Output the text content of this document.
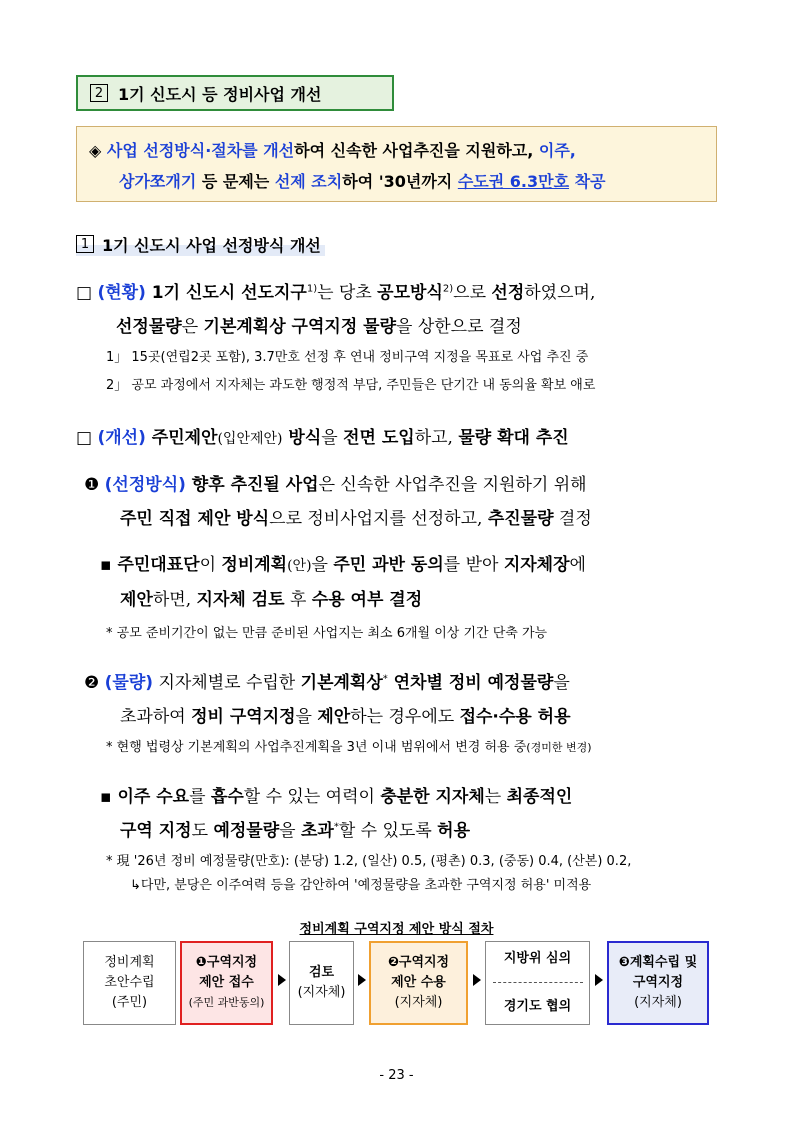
2 1기 신도시 등 정비사업 개선
◈ 사업 선정방식·절차를 개선하여 신속한 사업추진을 지원하고, 이주,
상가쪼개기 등 문제는 선제 조치하여 '30년까지 수도권 6.3만호 착공
1 1기 신도시 사업 선정방식 개선
□ (현황) 1기 신도시 선도지구$^{1)}$는 당초 공모방식$^{2)}$으로 선정하였으며,
선정물량은 기본계획상 구역지정 물량을 상한으로 결정
1」 15곳(연립2곳 포함), 3.7만호 선정 후 연내 정비구역 지정을 목표로 사업 추진 중
2」 공모 과정에서 지자체는 과도한 행정적 부담, 주민들은 단기간 내 동의율 확보 애로
□ (개선) 주민제안(입안제안) 방식을 전면 도입하고, 물량 확대 추진
❶ (선정방식) 향후 추진될 사업은 신속한 사업추진을 지원하기 위해
주민 직접 제안 방식으로 정비사업지를 선정하고, 추진물량 결정
▪ 주민대표단이 정비계획(안)을 주민 과반 동의를 받아 지자체장에
제안하면, 지자체 검토 후 수용 여부 결정
* 공모 준비기간이 없는 만큼 준비된 사업지는 최소 6개월 이상 기간 단축 가능
❷ (물량) 지자체별로 수립한 기본계획상* 연차별 정비 예정물량을
초과하여 정비 구역지정을 제안하는 경우에도 접수·수용 허용
* 현행 법령상 기본계획의 사업추진계획을 3년 이내 범위에서 변경 허용 중(경미한 변경)
▪ 이주 수요를 흡수할 수 있는 여력이 충분한 지자체는 최종적인
구역 지정도 예정물량을 초과*할 수 있도록 허용
* 現 '26년 정비 예정물량(만호): (분당) 1.2, (일산) 0.5, (평촌) 0.3, (중동) 0.4, (산본) 0.2,
↳다만, 분당은 이주여력 등을 감안하여 '예정물량을 초과한 구역지정 허용' 미적용
정비계획 구역지정 제안 방식 절차
정비계획
초안수립
(주민)
❶구역지정
제안 접수
(주민 과반동의)
검토
(지자체)
❷구역지정
제안 수용
(지자체)
지방위 심의
경기도 협의
❸계획수립 및
구역지정
(지자체)
- 23 -
